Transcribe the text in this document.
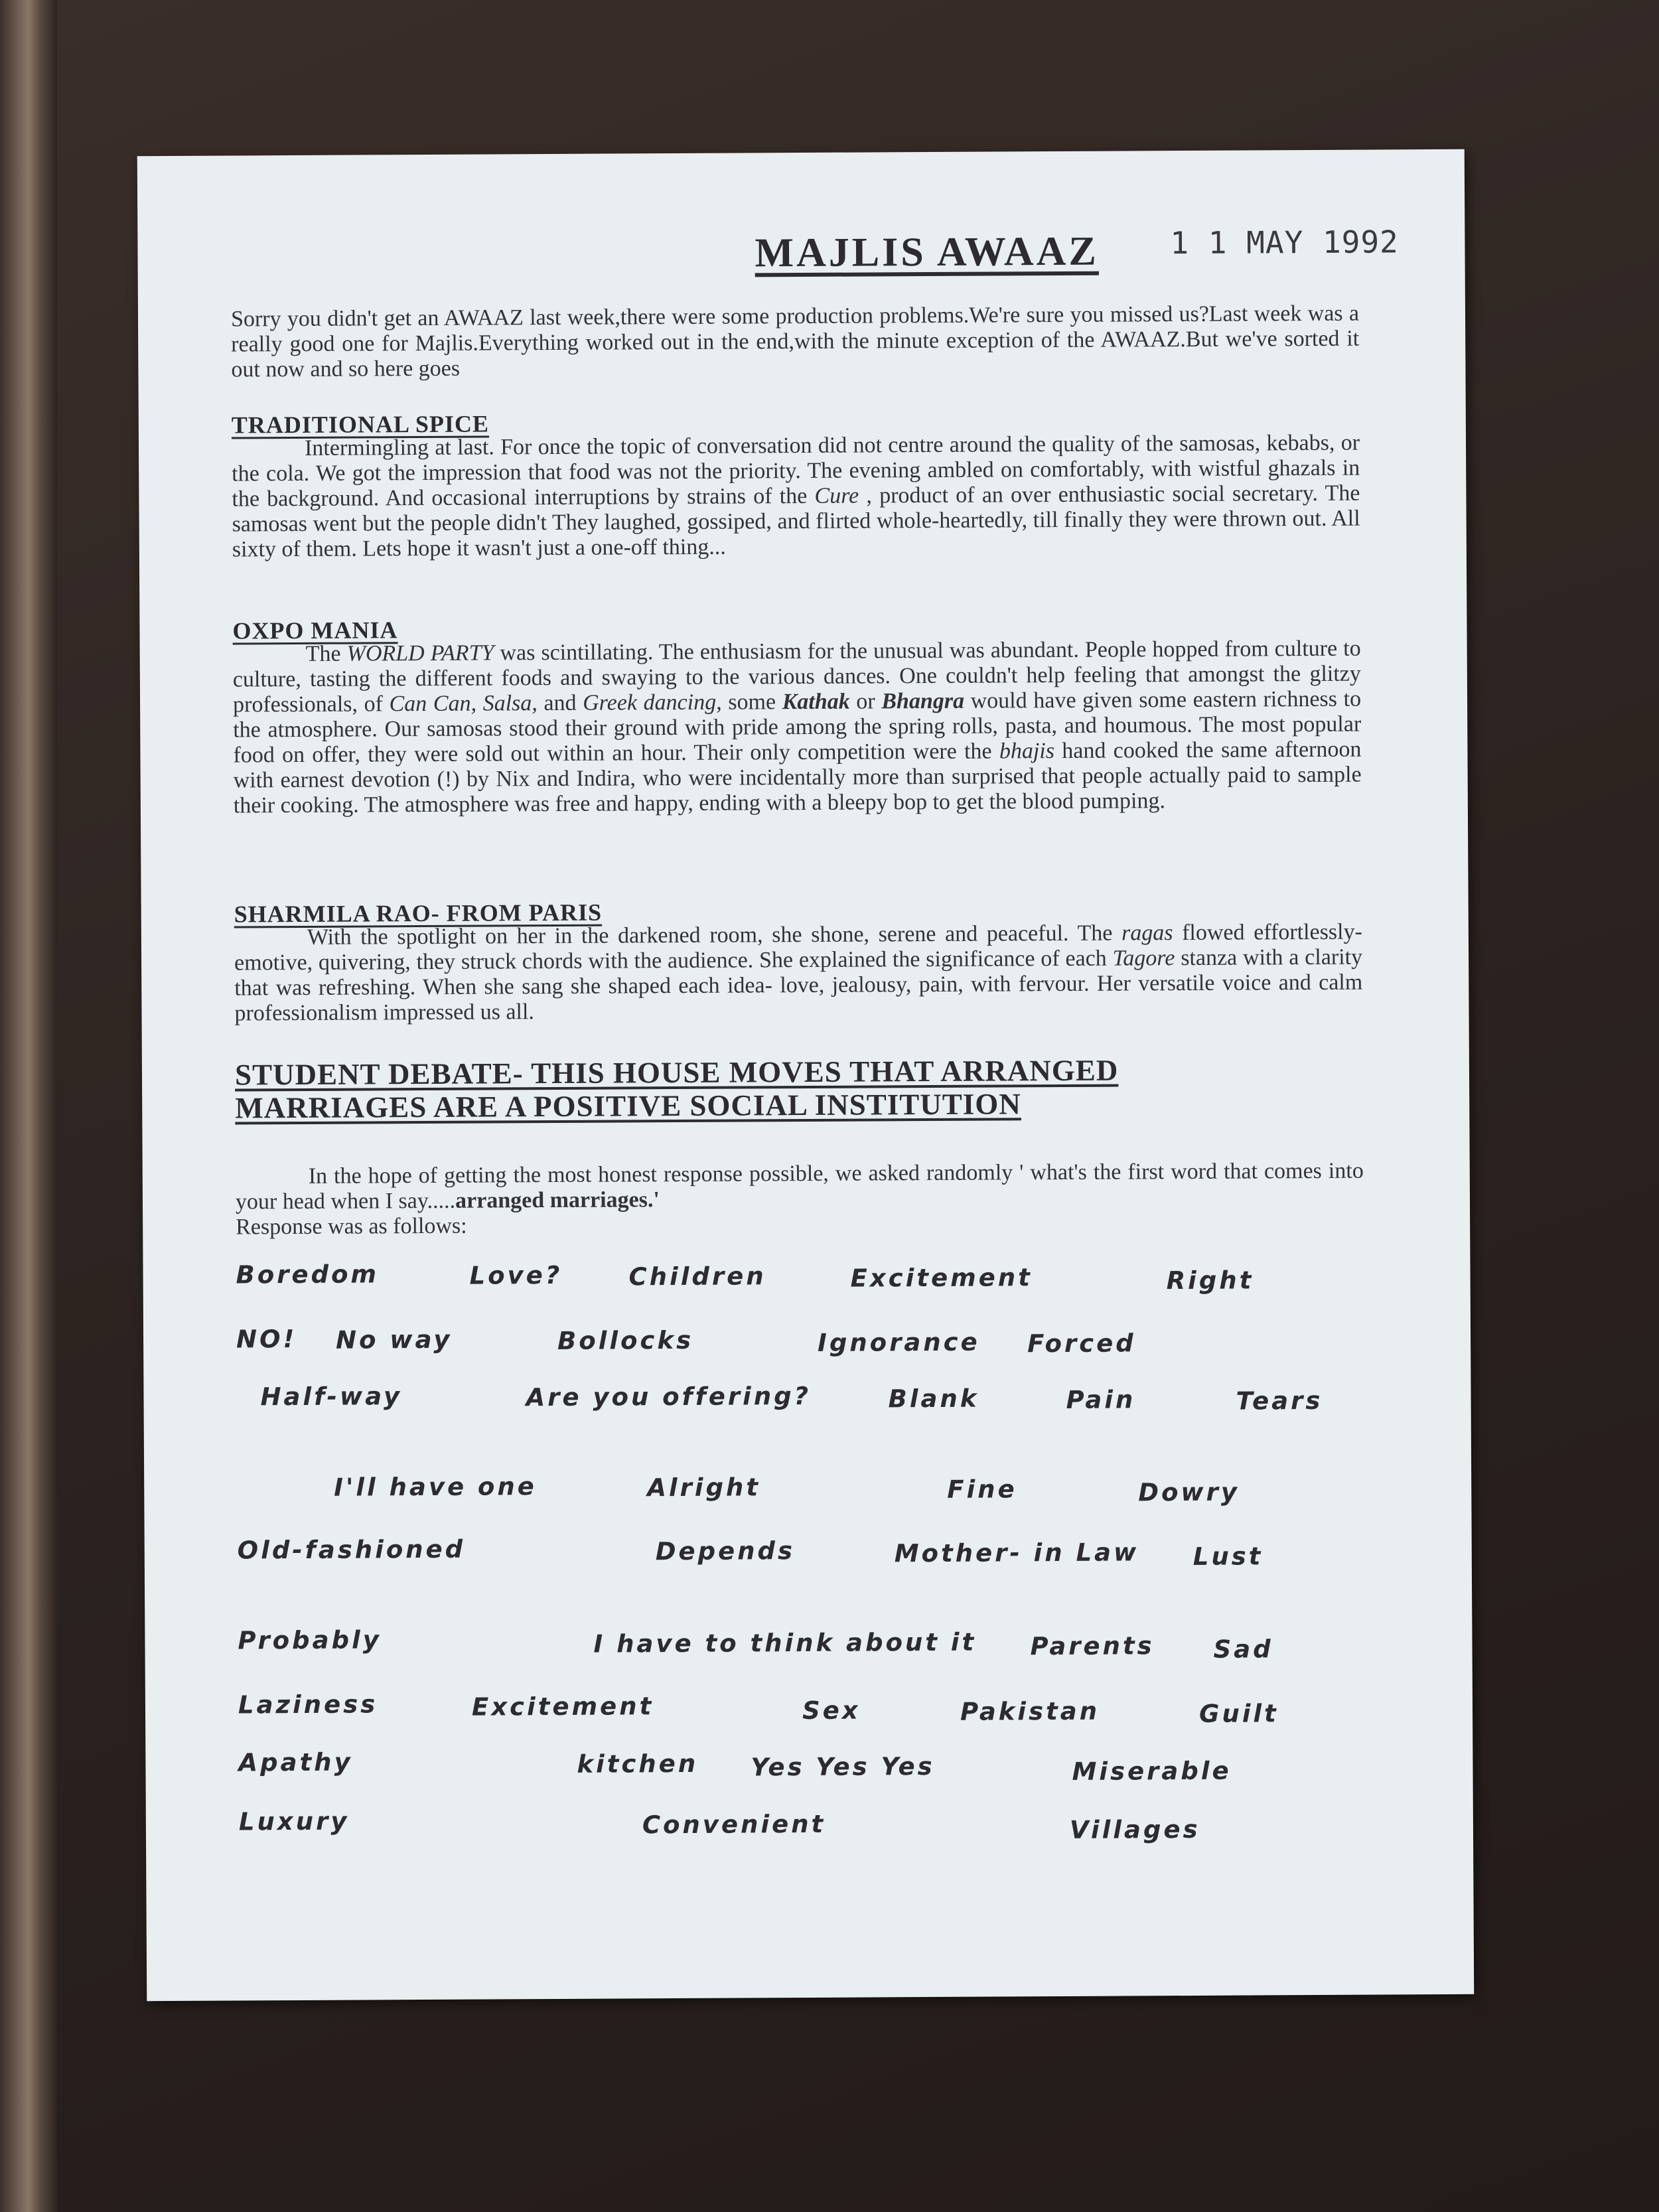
MAJLIS AWAAZ 1 1 MAY 1992
Sorry you didn't get an AWAAZ last week,there were some production problems.We're sure you missed us?Last week was a really good one for Majlis.Everything worked out in the end,with the minute exception of the AWAAZ.But we've sorted it out now and so here goes
TRADITIONAL SPICE
Intermingling at last. For once the topic of conversation did not centre around the quality of the samosas, kebabs, or the cola. We got the impression that food was not the priority. The evening ambled on comfortably, with wistful ghazals in the background. And occasional interruptions by strains of the Cure , product of an over enthusiastic social secretary. The samosas went but the people didn't They laughed, gossiped, and flirted whole-heartedly, till finally they were thrown out. All sixty of them. Lets hope it wasn't just a one-off thing...
OXPO MANIA
The WORLD PARTY was scintillating. The enthusiasm for the unusual was abundant. People hopped from culture to culture, tasting the different foods and swaying to the various dances. One couldn't help feeling that amongst the glitzy professionals, of Can Can, Salsa, and Greek dancing, some Kathak or Bhangra would have given some eastern richness to the atmosphere. Our samosas stood their ground with pride among the spring rolls, pasta, and houmous. The most popular food on offer, they were sold out within an hour. Their only competition were the bhajis hand cooked the same afternoon with earnest devotion (!) by Nix and Indira, who were incidentally more than surprised that people actually paid to sample their cooking. The atmosphere was free and happy, ending with a bleepy bop to get the blood pumping.
SHARMILA RAO- FROM PARIS
With the spotlight on her in the darkened room, she shone, serene and peaceful. The ragas flowed effortlessly- emotive, quivering, they struck chords with the audience. She explained the significance of each Tagore stanza with a clarity that was refreshing. When she sang she shaped each idea- love, jealousy, pain, with fervour. Her versatile voice and calm professionalism impressed us all.
STUDENT DEBATE- THIS HOUSE MOVES THAT ARRANGED
MARRIAGES ARE A POSITIVE SOCIAL INSTITUTION
In the hope of getting the most honest response possible, we asked randomly ' what's the first word that comes into your head when I say.....arranged marriages.'
Response was as follows:
Boredom	Love?	Children	Excitement	Right
NO! No way	Bollocks	Ignorance Forced
Half-way	Are you offering?	Blank	Pain	Tears
I'll have one	Alright	Fine	Dowry
Old-fashioned	Depends	Mother- in Law Lust
Probably	I have to think about it Parents Sad
Laziness	Excitement	Sex	Pakistan	Guilt
Apathy	kitchen Yes Yes Yes	Miserable
Luxury	Convenient	Villages
